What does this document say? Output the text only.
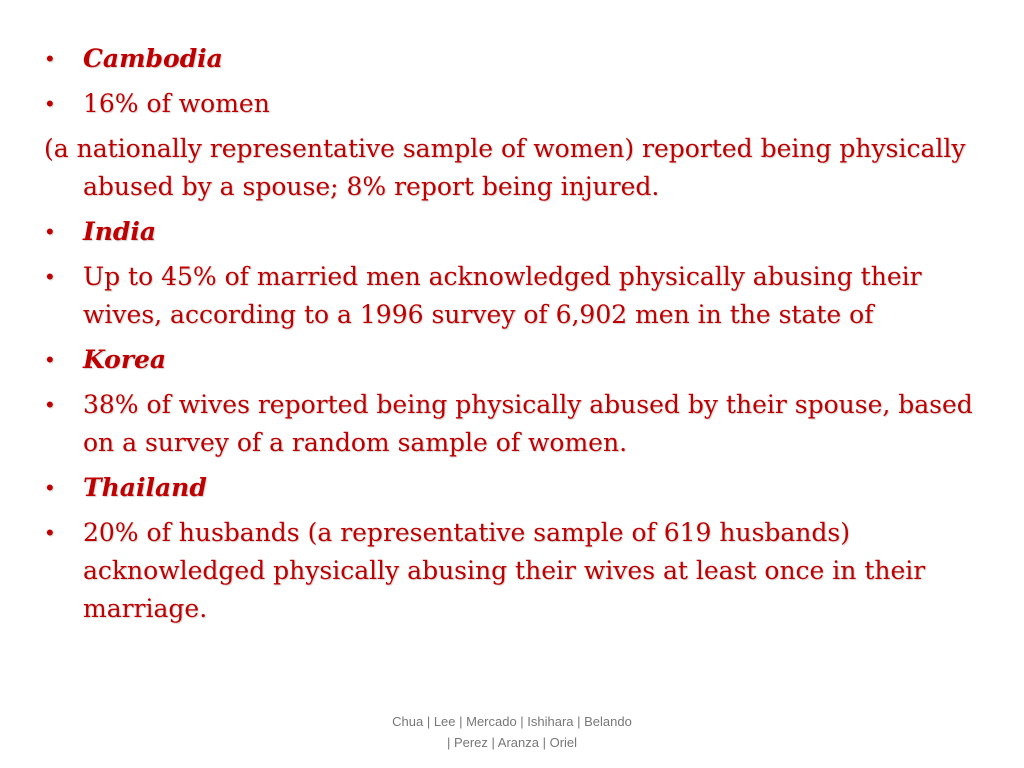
• Cambodia
• 16% of women
(a nationally representative sample of women) reported being physically abused by a spouse; 8% report being injured.
• India
• Up to 45% of married men acknowledged physically abusing their wives, according to a 1996 survey of 6,902 men in the state of
• Korea
• 38% of wives reported being physically abused by their spouse, based on a survey of a random sample of women.
• Thailand
• 20% of husbands (a representative sample of 619 husbands) acknowledged physically abusing their wives at least once in their marriage.
Chua | Lee | Mercado | Ishihara | Belando
| Perez | Aranza | Oriel
